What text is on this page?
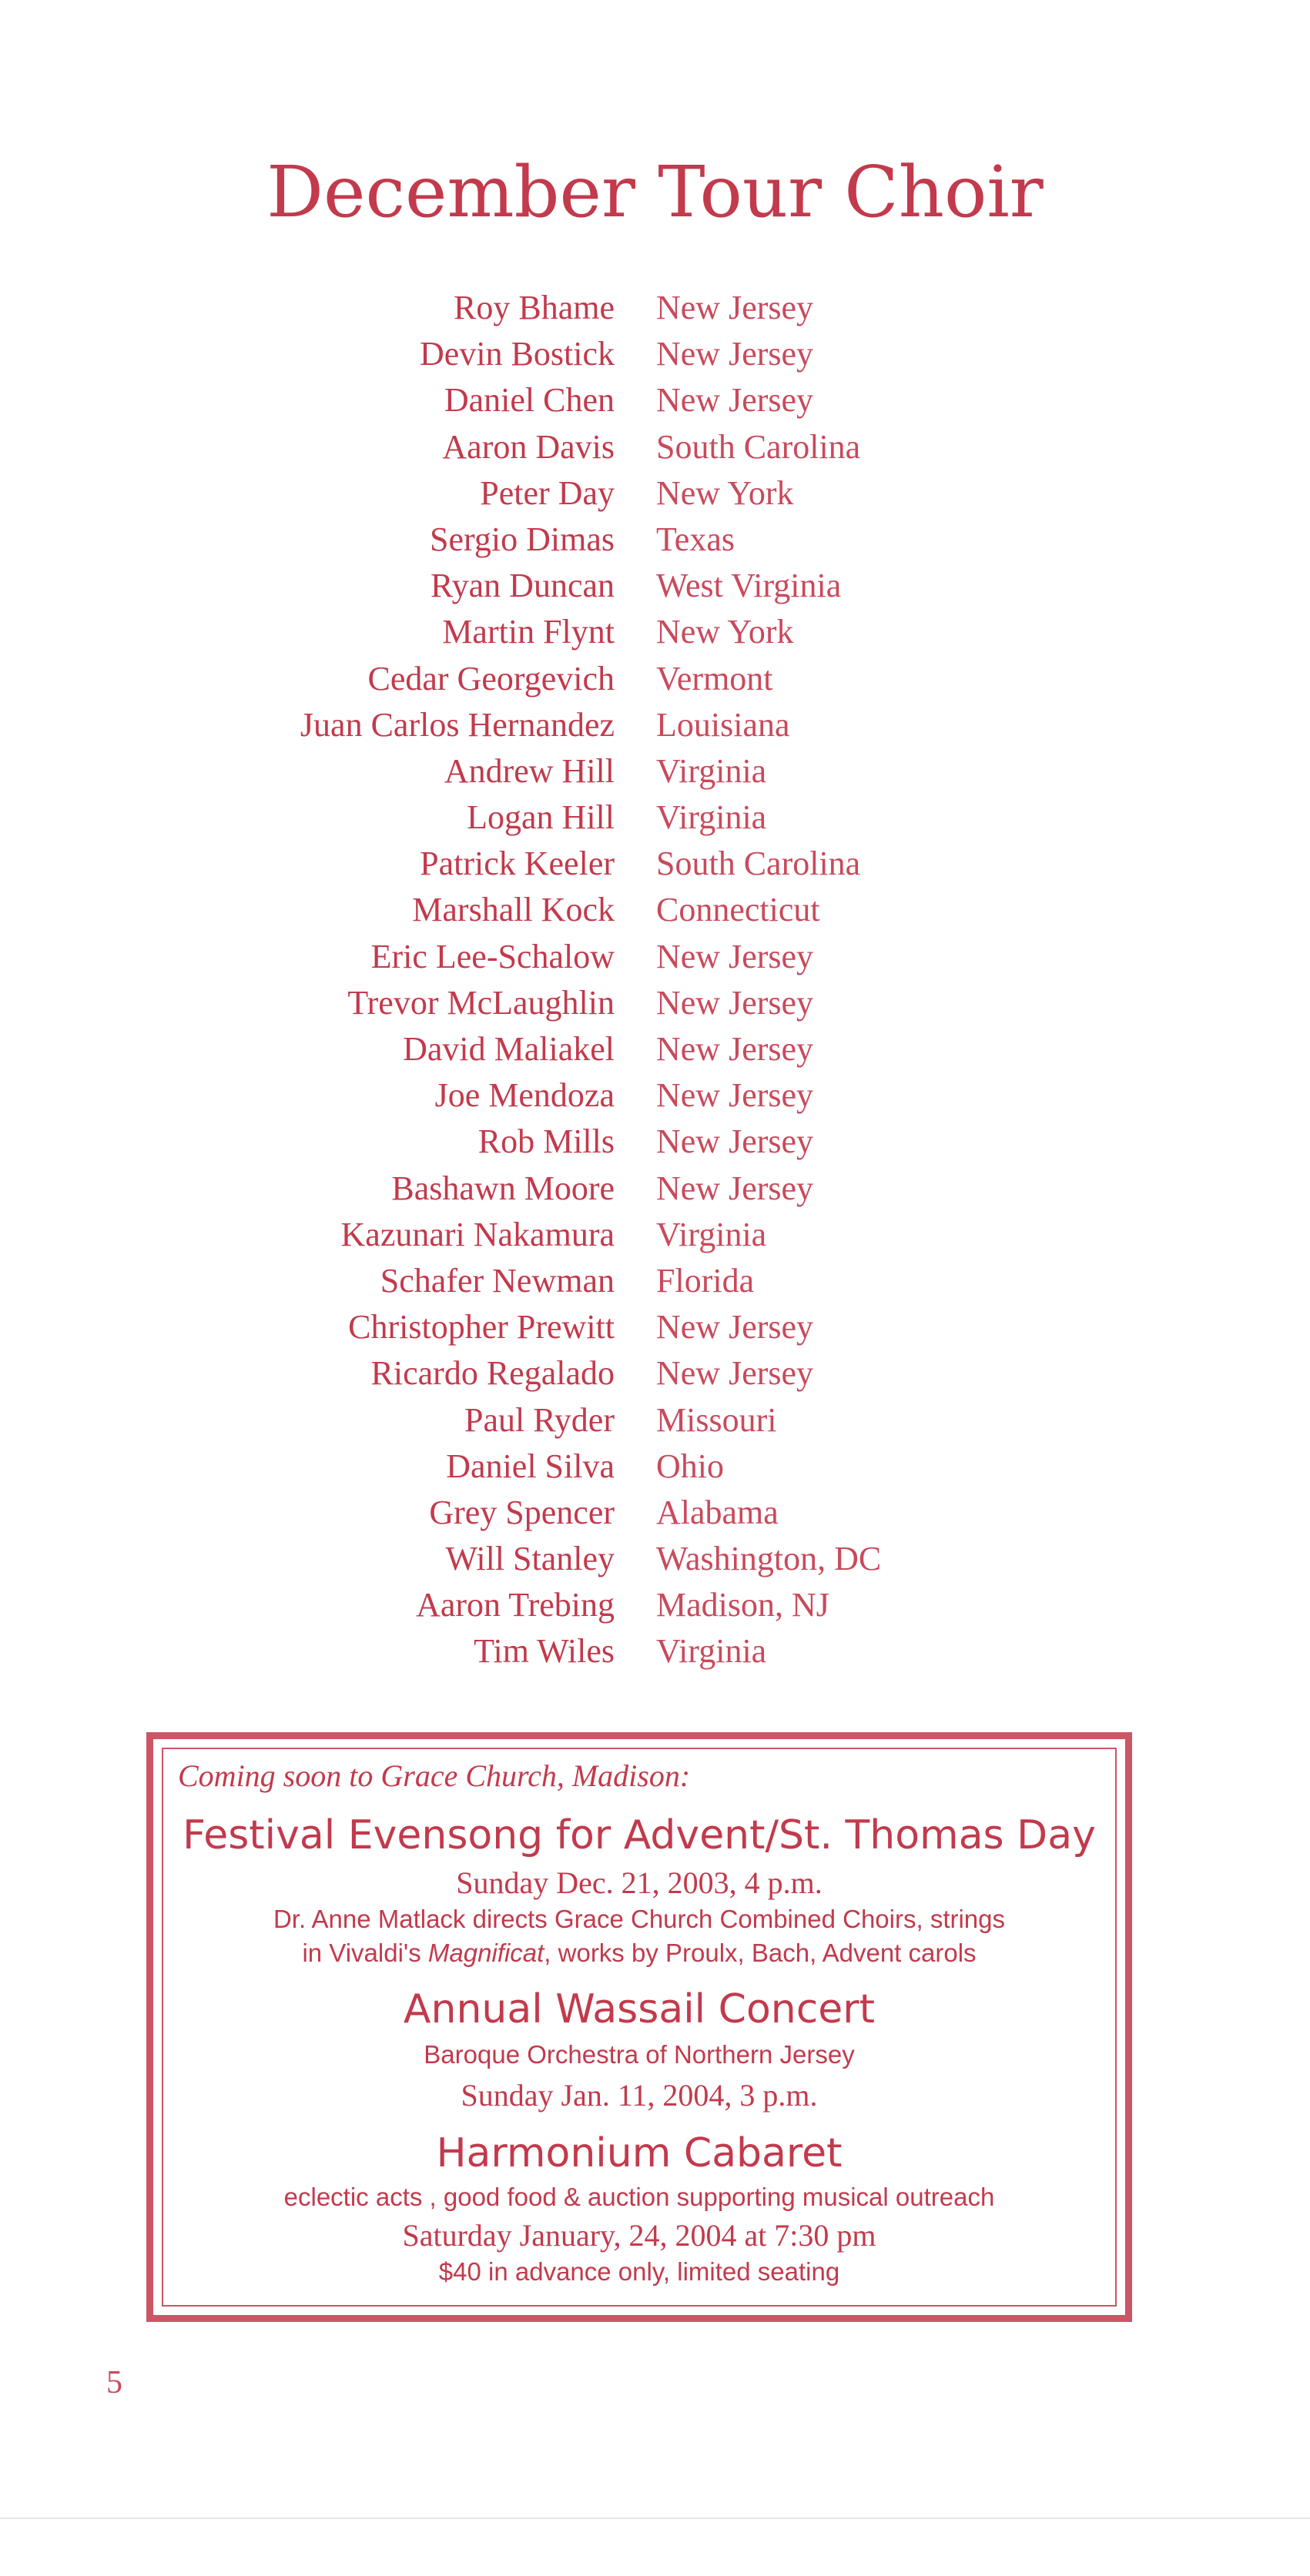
December Tour Choir
Roy Bhame New Jersey
Devin Bostick New Jersey
Daniel Chen New Jersey
Aaron Davis South Carolina
Peter Day New York
Sergio Dimas Texas
Ryan Duncan West Virginia
Martin Flynt New York
Cedar Georgevich Vermont
Juan Carlos Hernandez Louisiana
Andrew Hill Virginia
Logan Hill Virginia
Patrick Keeler South Carolina
Marshall Kock Connecticut
Eric Lee-Schalow New Jersey
Trevor McLaughlin New Jersey
David Maliakel New Jersey
Joe Mendoza New Jersey
Rob Mills New Jersey
Bashawn Moore New Jersey
Kazunari Nakamura Virginia
Schafer Newman Florida
Christopher Prewitt New Jersey
Ricardo Regalado New Jersey
Paul Ryder Missouri
Daniel Silva Ohio
Grey Spencer Alabama
Will Stanley Washington, DC
Aaron Trebing Madison, NJ
Tim Wiles Virginia
Coming soon to Grace Church, Madison:
Festival Evensong for Advent/St. Thomas Day
Sunday Dec. 21, 2003, 4 p.m.
Dr. Anne Matlack directs Grace Church Combined Choirs, strings
in Vivaldi's Magnificat, works by Proulx, Bach, Advent carols
Annual Wassail Concert
Baroque Orchestra of Northern Jersey
Sunday Jan. 11, 2004, 3 p.m.
Harmonium Cabaret
eclectic acts , good food & auction supporting musical outreach
Saturday January, 24, 2004 at 7:30 pm
$40 in advance only, limited seating
5
